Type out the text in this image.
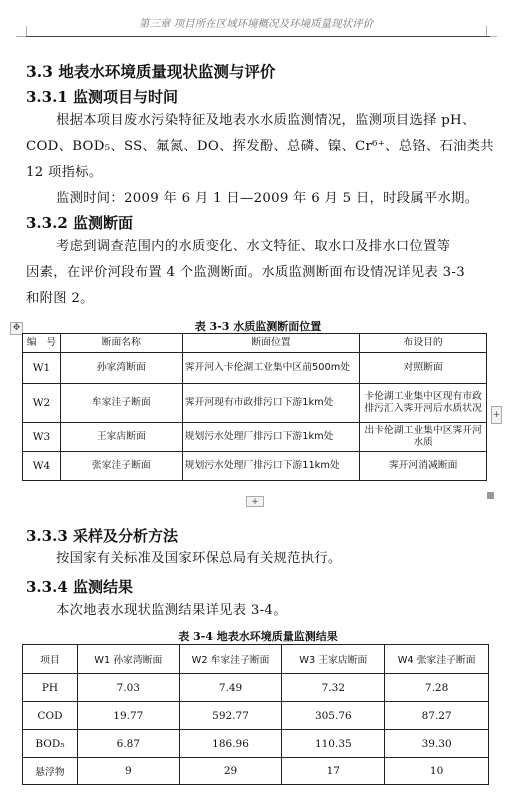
第三章 项目所在区域环境概况及环境质量现状评价
3.3 地表水环境质量现状监测与评价
3.3.1 监测项目与时间
根据本项目废水污染特征及地表水水质监测情况，监测项目选择 pH、
COD、BOD₅、SS、氟氮、DO、挥发酚、总磷、镍、Cr⁶⁺、总铬、石油类共
12 项指标。
监测时间：2009 年 6 月 1 日—2009 年 6 月 5 日，时段属平水期。
3.3.2 监测断面
考虑到调查范围内的水质变化、水文特征、取水口及排水口位置等
因素，在评价河段布置 4 个监测断面。水质监测断面布设情况详见表 3-3
和附图 2。
✥	表 3-3 水质监测断面位置
编　号	断面名称	断面位置	布设目的
W1	孙家湾断面	霁开河入卡伦湖工业集中区前500m处	对照断面
W2	牟家洼子断面	霁开河现有市政排污口下游1km处	卡伦湖工业集中区现有市政排污汇入霁开河后水质状况
W3	王家店断面	规划污水处理厂排污口下游1km处	出卡伦湖工业集中区霁开河水质
W4	张家洼子断面	规划污水处理厂排污口下游11km处	霁开河消减断面
+
+
3.3.3 采样及分析方法
按国家有关标准及国家环保总局有关规范执行。
3.3.4 监测结果
本次地表水现状监测结果详见表 3-4。
表 3-4 地表水环境质量监测结果
项目	W1 孙家湾断面	W2 牟家洼子断面	W3 王家店断面	W4 张家洼子断面
PH	7.03	7.49	7.32	7.28
COD	19.77	592.77	305.76	87.27
BOD₅	6.87	186.96	110.35	39.30
悬浮物	9	29	17	10
